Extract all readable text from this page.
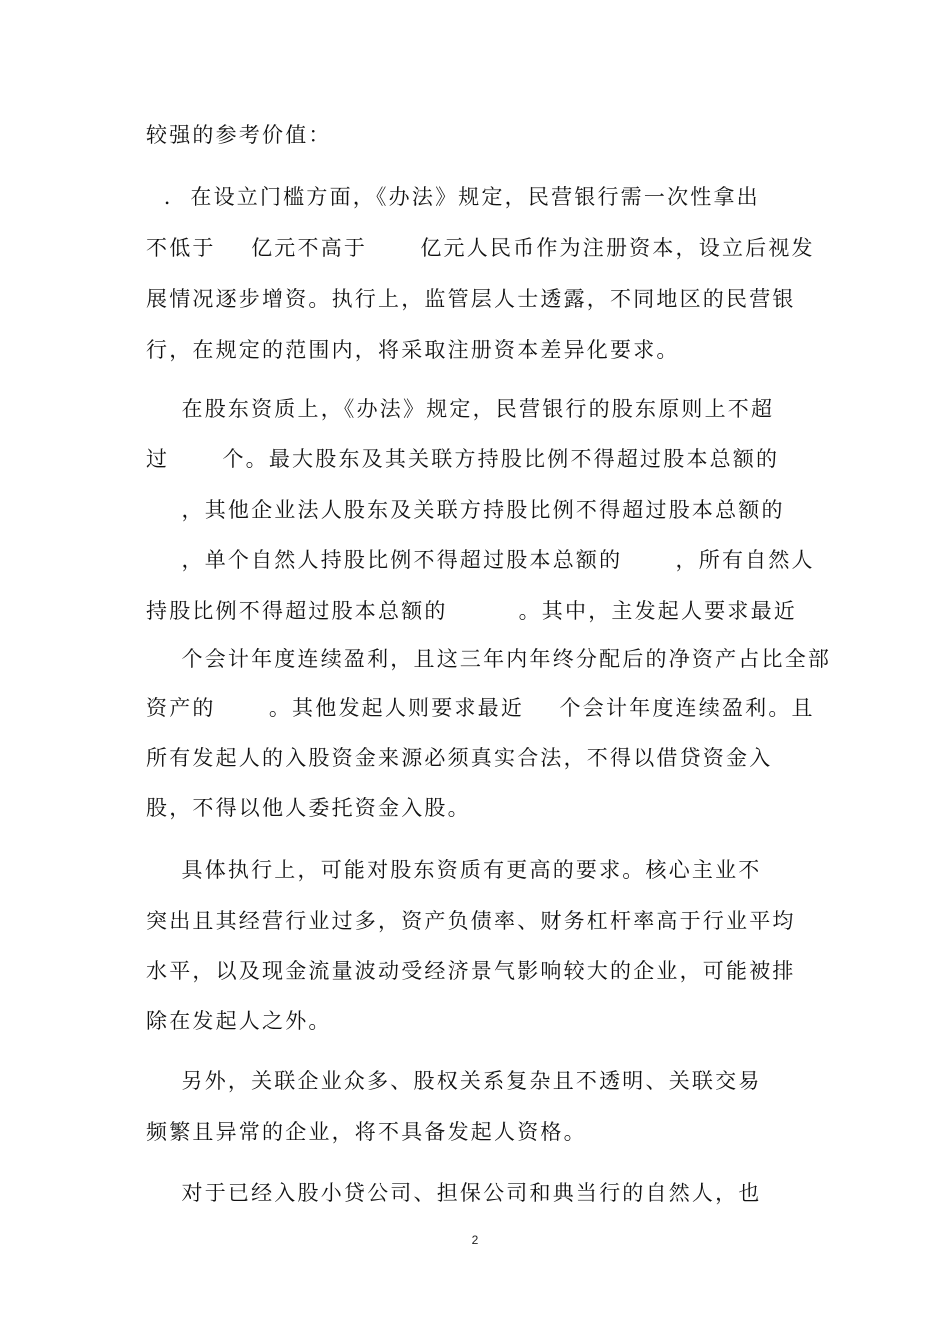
较强的参考价值：
.  在设立门槛方面，《办法》规定，民营银行需一次性拿出
不低于    亿元不高于      亿元人民币作为注册资本，设立后视发
展情况逐步增资。执行上，监管层人士透露，不同地区的民营银
行，在规定的范围内，将采取注册资本差异化要求。
在股东资质上，《办法》规定，民营银行的股东原则上不超
过      个。最大股东及其关联方持股比例不得超过股本总额的
，其他企业法人股东及关联方持股比例不得超过股本总额的
，单个自然人持股比例不得超过股本总额的      ，所有自然人
持股比例不得超过股本总额的        。其中，主发起人要求最近
个会计年度连续盈利，且这三年内年终分配后的净资产占比全部
资产的      。其他发起人则要求最近    个会计年度连续盈利。且
所有发起人的入股资金来源必须真实合法，不得以借贷资金入
股，不得以他人委托资金入股。
具体执行上，可能对股东资质有更高的要求。核心主业不
突出且其经营行业过多，资产负债率、财务杠杆率高于行业平均
水平，以及现金流量波动受经济景气影响较大的企业，可能被排
除在发起人之外。
另外，关联企业众多、股权关系复杂且不透明、关联交易
频繁且异常的企业，将不具备发起人资格。
对于已经入股小贷公司、担保公司和典当行的自然人，也
2
